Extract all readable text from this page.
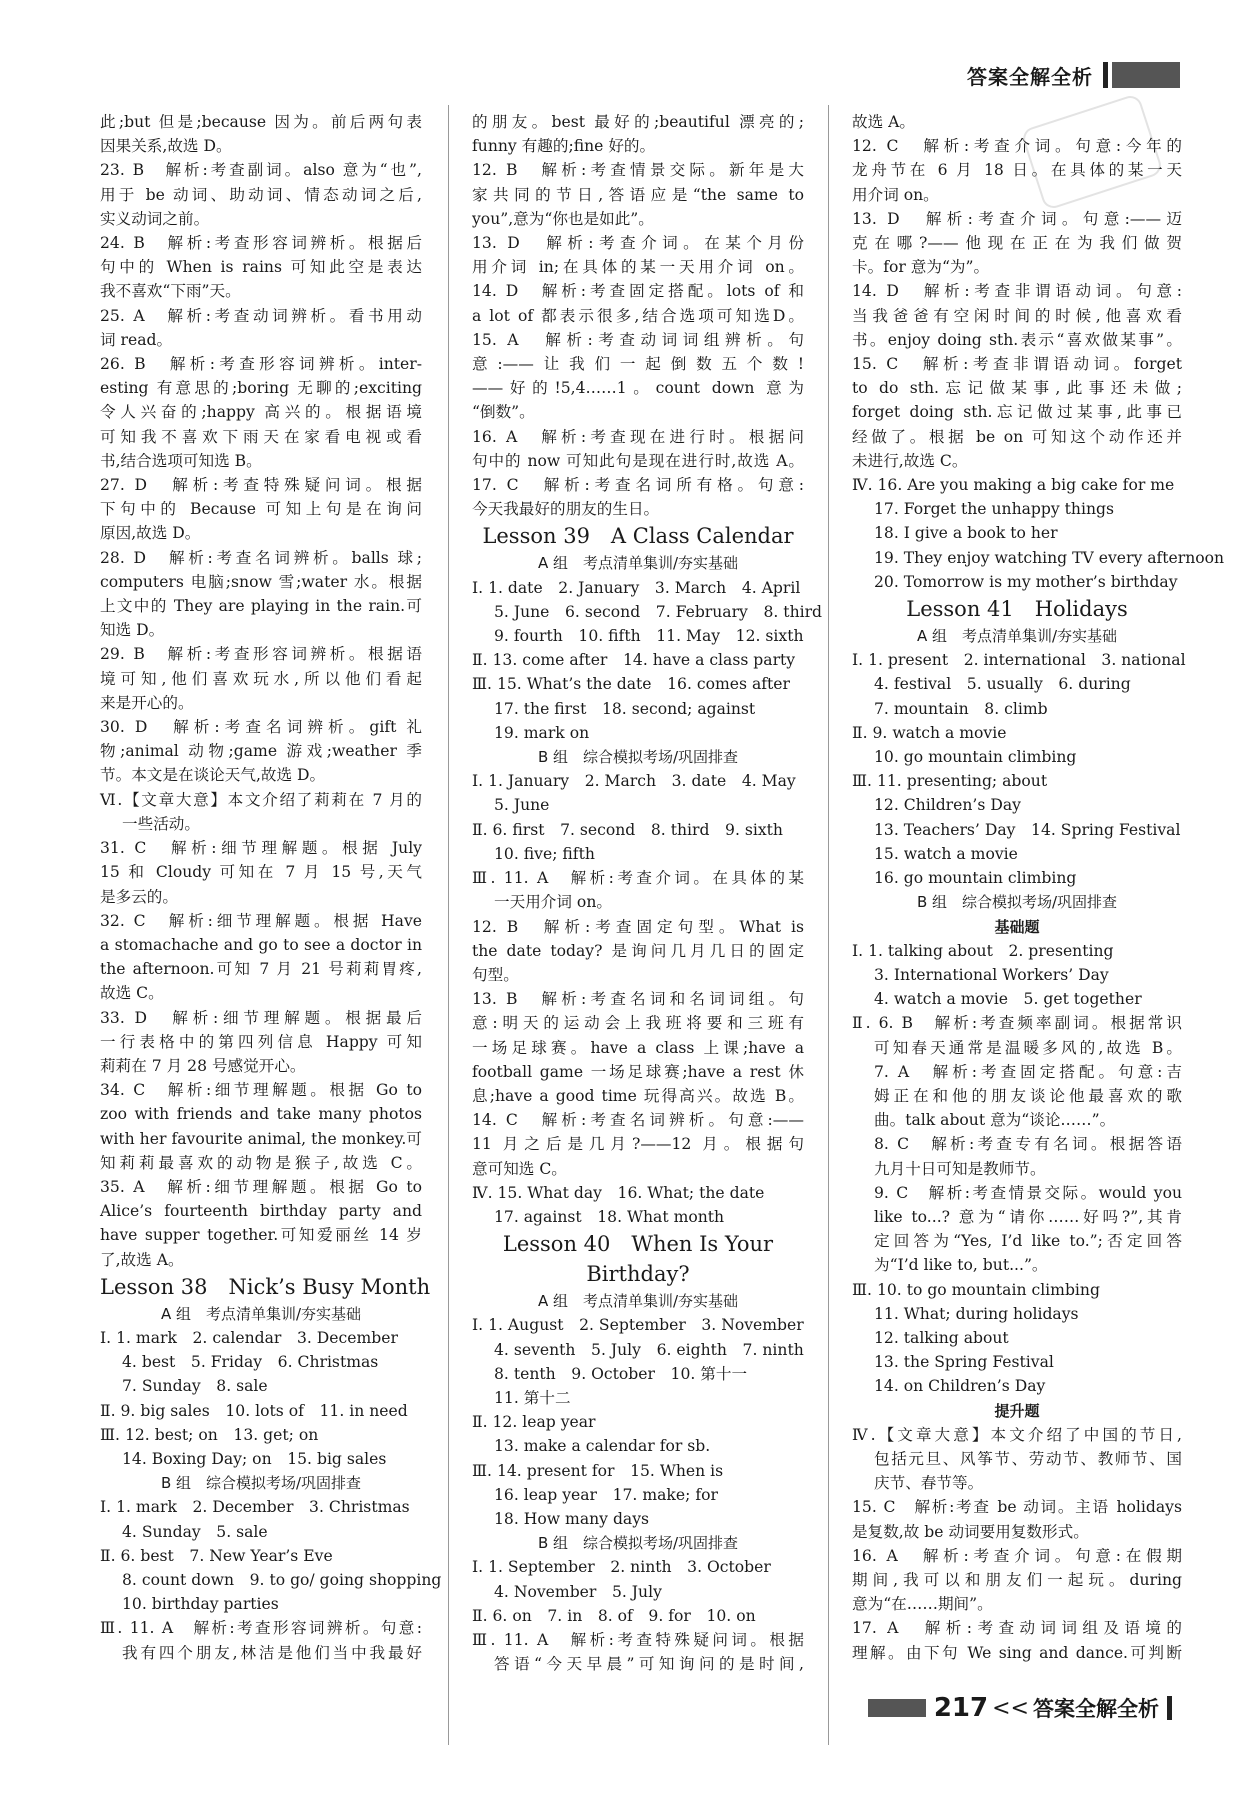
答案全解全析
此;but 但是;because 因为。前后两句表
因果关系,故选 D。
23. B　解析:考查副词。also 意为“也”,
用于 be 动词、助动词、情态动词之后,
实义动词之前。
24. B　解析:考查形容词辨析。根据后
句中的 When is rains 可知此空是表达
我不喜欢“下雨”天。
25. A　解析:考查动词辨析。看书用动
词 read。
26. B　解析:考查形容词辨析。inter-
esting 有意思的;boring 无聊的;exciting
令人兴奋的;happy 高兴的。根据语境
可知我不喜欢下雨天在家看电视或看
书,结合选项可知选 B。
27. D　解析:考查特殊疑问词。根据
下句中的 Because 可知上句是在询问
原因,故选 D。
28. D　解析:考查名词辨析。balls 球;
computers 电脑;snow 雪;water 水。根据
上文中的 They are playing in the rain.可
知选 D。
29. B　解析:考查形容词辨析。根据语
境可知,他们喜欢玩水,所以他们看起
来是开心的。
30. D　解析:考查名词辨析。gift 礼
物;animal 动物;game 游戏;weather 季
节。本文是在谈论天气,故选 D。
Ⅵ.【文章大意】本文介绍了莉莉在 7 月的
一些活动。
31. C　解析:细节理解题。根据 July
15 和 Cloudy 可知在 7 月 15 号,天气
是多云的。
32. C　解析:细节理解题。根据 Have
a stomachache and go to see a doctor in
the afternoon.可知 7 月 21 号莉莉胃疼,
故选 C。
33. D　解析:细节理解题。根据最后
一行表格中的第四列信息 Happy 可知
莉莉在 7 月 28 号感觉开心。
34. C　解析:细节理解题。根据 Go to
zoo with friends and take many photos
with her favourite animal, the monkey.可
知莉莉最喜欢的动物是猴子,故选 C。
35. A　解析:细节理解题。根据 Go to
Alice’s fourteenth birthday party and
have supper together.可知爱丽丝 14 岁
了,故选 A。
Lesson 38　Nick’s Busy Month
A 组　考点清单集训/夯实基础
Ⅰ. 1. mark　2. calendar　3. December
4. best　5. Friday　6. Christmas
7. Sunday　8. sale
Ⅱ. 9. big sales　10. lots of　11. in need
Ⅲ. 12. best; on　13. get; on
14. Boxing Day; on　15. big sales
B 组　综合模拟考场/巩固排查
Ⅰ. 1. mark　2. December　3. Christmas
4. Sunday　5. sale
Ⅱ. 6. best　7. New Year’s Eve
8. count down　9. to go/ going shopping
10. birthday parties
Ⅲ. 11. A　解析:考查形容词辨析。句意:
我有四个朋友,林洁是他们当中我最好
的朋友。best 最好的;beautiful 漂亮的;
funny 有趣的;fine 好的。
12. B　解析:考查情景交际。新年是大
家共同的节日,答语应是“the same to
you”,意为“你也是如此”。
13. D　解析:考查介词。在某个月份
用介词 in;在具体的某一天用介词 on。
14. D　解析:考查固定搭配。lots of 和
a lot of 都表示很多,结合选项可知选D。
15. A　解析:考查动词词组辨析。句
意:——让我们一起倒数五个数!
——好的!5,4……1。count down 意为
“倒数”。
16. A　解析:考查现在进行时。根据问
句中的 now 可知此句是现在进行时,故选 A。
17. C　解析:考查名词所有格。句意:
今天我最好的朋友的生日。
Lesson 39　A Class Calendar
A 组　考点清单集训/夯实基础
Ⅰ. 1. date　2. January　3. March　4. April
5. June　6. second　7. February　8. third
9. fourth　10. fifth　11. May　12. sixth
Ⅱ. 13. come after　14. have a class party
Ⅲ. 15. What’s the date　16. comes after
17. the first　18. second; against
19. mark on
B 组　综合模拟考场/巩固排查
Ⅰ. 1. January　2. March　3. date　4. May
5. June
Ⅱ. 6. first　7. second　8. third　9. sixth
10. five; fifth
Ⅲ. 11. A　解析:考查介词。在具体的某
一天用介词 on。
12. B　解析:考查固定句型。What is
the date today? 是询问几月几日的固定
句型。
13. B　解析:考查名词和名词词组。句
意:明天的运动会上我班将要和三班有
一场足球赛。have a class 上课;have a
football game 一场足球赛;have a rest 休
息;have a good time 玩得高兴。故选 B。
14. C　解析:考查名词辨析。句意:——
11 月之后是几月?——12 月。根据句
意可知选 C。
Ⅳ. 15. What day　16. What; the date
17. against　18. What month
Lesson 40　When Is Your
Birthday?
A 组　考点清单集训/夯实基础
Ⅰ. 1. August　2. September　3. November
4. seventh　5. July　6. eighth　7. ninth
8. tenth　9. October　10. 第十一
11. 第十二
Ⅱ. 12. leap year
13. make a calendar for sb.
Ⅲ. 14. present for　15. When is
16. leap year　17. make; for
18. How many days
B 组　综合模拟考场/巩固排查
Ⅰ. 1. September　2. ninth　3. October
4. November　5. July
Ⅱ. 6. on　7. in　8. of　9. for　10. on
Ⅲ. 11. A　解析:考查特殊疑问词。根据
答语“今天早晨”可知询问的是时间,
故选 A。
12. C　解析:考查介词。句意:今年的
龙舟节在 6 月 18 日。在具体的某一天
用介词 on。
13. D　解析:考查介词。句意:——迈
克在哪?——他现在正在为我们做贺
卡。for 意为“为”。
14. D　解析:考查非谓语动词。句意:
当我爸爸有空闲时间的时候,他喜欢看
书。enjoy doing sth.表示“喜欢做某事”。
15. C　解析:考查非谓语动词。forget
to do sth.忘记做某事,此事还未做;
forget doing sth.忘记做过某事,此事已
经做了。根据 be on 可知这个动作还并
未进行,故选 C。
Ⅳ. 16. Are you making a big cake for me
17. Forget the unhappy things
18. I give a book to her
19. They enjoy watching TV every afternoon
20. Tomorrow is my mother’s birthday
Lesson 41　Holidays
A 组　考点清单集训/夯实基础
Ⅰ. 1. present　2. international　3. national
4. festival　5. usually　6. during
7. mountain　8. climb
Ⅱ. 9. watch a movie
10. go mountain climbing
Ⅲ. 11. presenting; about
12. Children’s Day
13. Teachers’ Day　14. Spring Festival
15. watch a movie
16. go mountain climbing
B 组　综合模拟考场/巩固排查
基础题
Ⅰ. 1. talking about　2. presenting
3. International Workers’ Day
4. watch a movie　5. get together
Ⅱ. 6. B　解析:考查频率副词。根据常识
可知春天通常是温暖多风的,故选 B。
7. A　解析:考查固定搭配。句意:吉
姆正在和他的朋友谈论他最喜欢的歌
曲。talk about 意为“谈论……”。
8. C　解析:考查专有名词。根据答语
九月十日可知是教师节。
9. C　解析:考查情景交际。would you
like to...? 意为“请你……好吗?”,其肯
定回答为“Yes, I’d like to.”;否定回答
为“I’d like to, but...”。
Ⅲ. 10. to go mountain climbing
11. What; during holidays
12. talking about
13. the Spring Festival
14. on Children’s Day
提升题
Ⅳ.【文章大意】本文介绍了中国的节日,
包括元旦、风筝节、劳动节、教师节、国
庆节、春节等。
15. C　解析:考查 be 动词。主语 holidays
是复数,故 be 动词要用复数形式。
16. A　解析:考查介词。句意:在假期
期间,我可以和朋友们一起玩。during
意为“在……期间”。
17. A　解析:考查动词词组及语境的
理解。由下句 We sing and dance.可判断
217 << 答案全解全析
